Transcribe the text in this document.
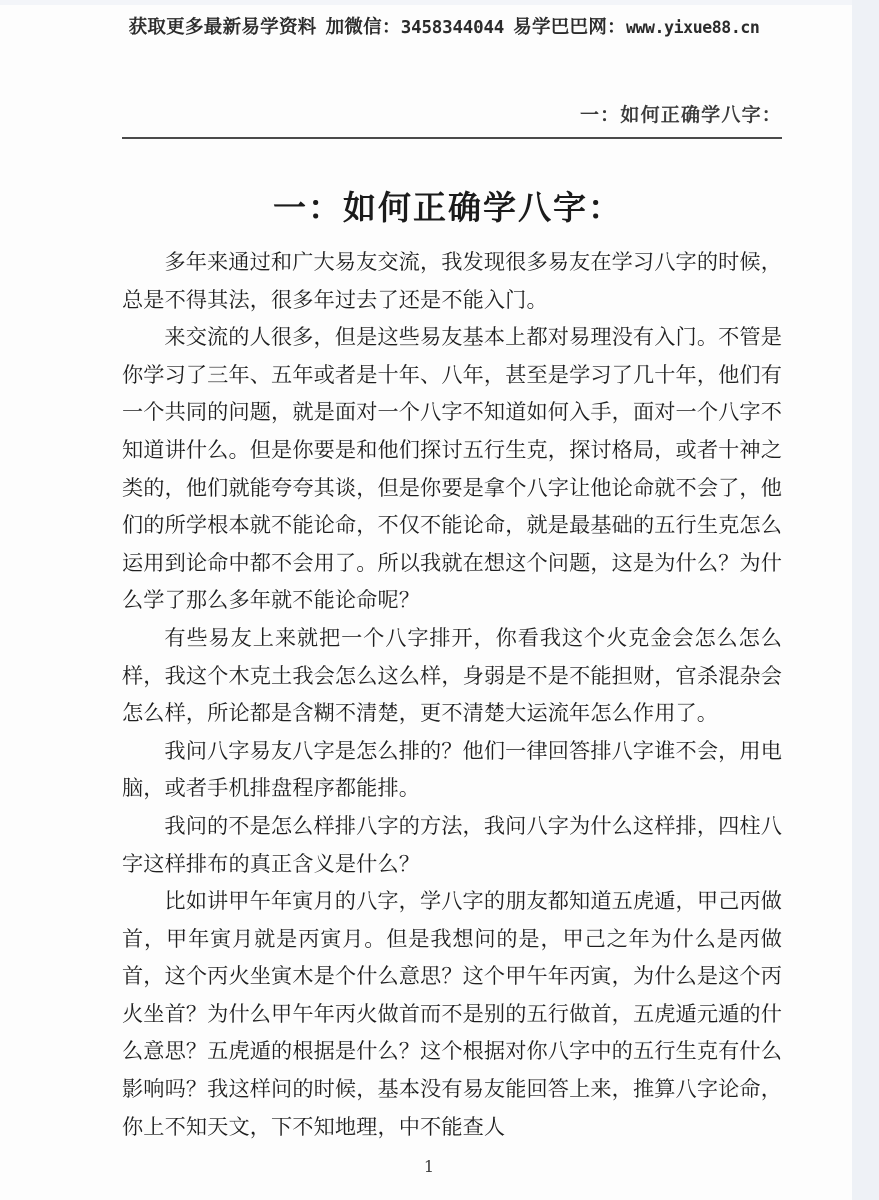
获取更多最新易学资料 加微信： 3458344044 易学巴巴网： www.yixue88.cn
一：如何正确学八字：
一：如何正确学八字：

多年来通过和广大易友交流，我发现很多易友在学习八字的时候，总是不得其法，很多年过去了还是不能入门。

来交流的人很多，但是这些易友基本上都对易理没有入门。不管是你学习了三年、五年或者是十年、八年，甚至是学习了几十年，他们有一个共同的问题，就是面对一个八字不知道如何入手，面对一个八字不知道讲什么。但是你要是和他们探讨五行生克，探讨格局，或者十神之类的，他们就能夸夸其谈，但是你要是拿个八字让他论命就不会了，他们的所学根本就不能论命，不仅不能论命，就是最基础的五行生克怎么运用到论命中都不会用了。所以我就在想这个问题，这是为什么？为什么学了那么多年就不能论命呢？

有些易友上来就把一个八字排开，你看我这个火克金会怎么怎么样，我这个木克土我会怎么这么样，身弱是不是不能担财，官杀混杂会怎么样，所论都是含糊不清楚，更不清楚大运流年怎么作用了。

我问八字易友八字是怎么排的？他们一律回答排八字谁不会，用电脑，或者手机排盘程序都能排。

我问的不是怎么样排八字的方法，我问八字为什么这样排，四柱八字这样排布的真正含义是什么？

比如讲甲午年寅月的八字，学八字的朋友都知道五虎遁，甲己丙做首，甲年寅月就是丙寅月。但是我想问的是，甲己之年为什么是丙做首，这个丙火坐寅木是个什么意思？这个甲午年丙寅，为什么是这个丙火坐首？为什么甲午年丙火做首而不是别的五行做首，五虎遁元遁的什么意思？五虎遁的根据是什么？这个根据对你八字中的五行生克有什么影响吗？我这样问的时候，基本没有易友能回答上来，推算八字论命，你上不知天文，下不知地理，中不能查人

1
